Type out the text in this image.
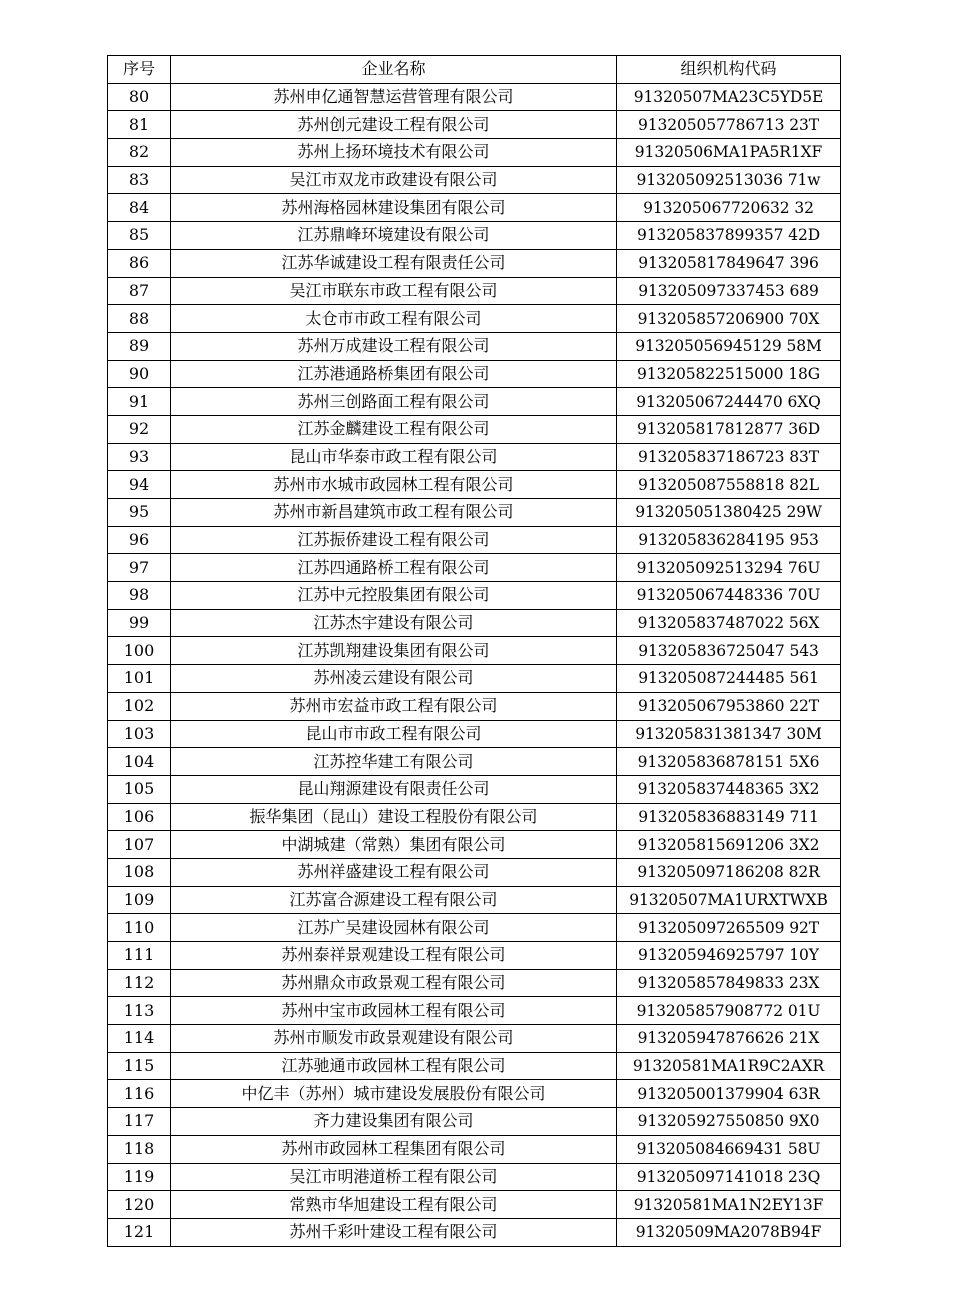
序号	企业名称	组织机构代码
80	苏州申亿通智慧运营管理有限公司	91320507MA23C5YD5E
81	苏州创元建设工程有限公司	913205057786713 23T
82	苏州上扬环境技术有限公司	91320506MA1PA5R1XF
83	吴江市双龙市政建设有限公司	913205092513036 71w
84	苏州海格园林建设集团有限公司	913205067720632 32
85	江苏鼎峰环境建设有限公司	913205837899357 42D
86	江苏华诚建设工程有限责任公司	913205817849647 396
87	吴江市联东市政工程有限公司	913205097337453 689
88	太仓市市政工程有限公司	913205857206900 70X
89	苏州万成建设工程有限公司	913205056945129 58M
90	江苏港通路桥集团有限公司	913205822515000 18G
91	苏州三创路面工程有限公司	913205067244470 6XQ
92	江苏金麟建设工程有限公司	913205817812877 36D
93	昆山市华泰市政工程有限公司	913205837186723 83T
94	苏州市水城市政园林工程有限公司	913205087558818 82L
95	苏州市新昌建筑市政工程有限公司	913205051380425 29W
96	江苏振侨建设工程有限公司	913205836284195 953
97	江苏四通路桥工程有限公司	913205092513294 76U
98	江苏中元控股集团有限公司	913205067448336 70U
99	江苏杰宇建设有限公司	913205837487022 56X
100	江苏凯翔建设集团有限公司	913205836725047 543
101	苏州凌云建设有限公司	913205087244485 561
102	苏州市宏益市政工程有限公司	913205067953860 22T
103	昆山市市政工程有限公司	913205831381347 30M
104	江苏控华建工有限公司	913205836878151 5X6
105	昆山翔源建设有限责任公司	913205837448365 3X2
106	振华集团（昆山）建设工程股份有限公司	913205836883149 711
107	中湖城建（常熟）集团有限公司	913205815691206 3X2
108	苏州祥盛建设工程有限公司	913205097186208 82R
109	江苏富合源建设工程有限公司	91320507MA1URXTWXB
110	江苏广吴建设园林有限公司	913205097265509 92T
111	苏州泰祥景观建设工程有限公司	913205946925797 10Y
112	苏州鼎众市政景观工程有限公司	913205857849833 23X
113	苏州中宝市政园林工程有限公司	913205857908772 01U
114	苏州市顺发市政景观建设有限公司	913205947876626 21X
115	江苏驰通市政园林工程有限公司	91320581MA1R9C2AXR
116	中亿丰（苏州）城市建设发展股份有限公司	913205001379904 63R
117	齐力建设集团有限公司	913205927550850 9X0
118	苏州市政园林工程集团有限公司	913205084669431 58U
119	吴江市明港道桥工程有限公司	913205097141018 23Q
120	常熟市华旭建设工程有限公司	91320581MA1N2EY13F
121	苏州千彩叶建设工程有限公司	91320509MA2078B94F
